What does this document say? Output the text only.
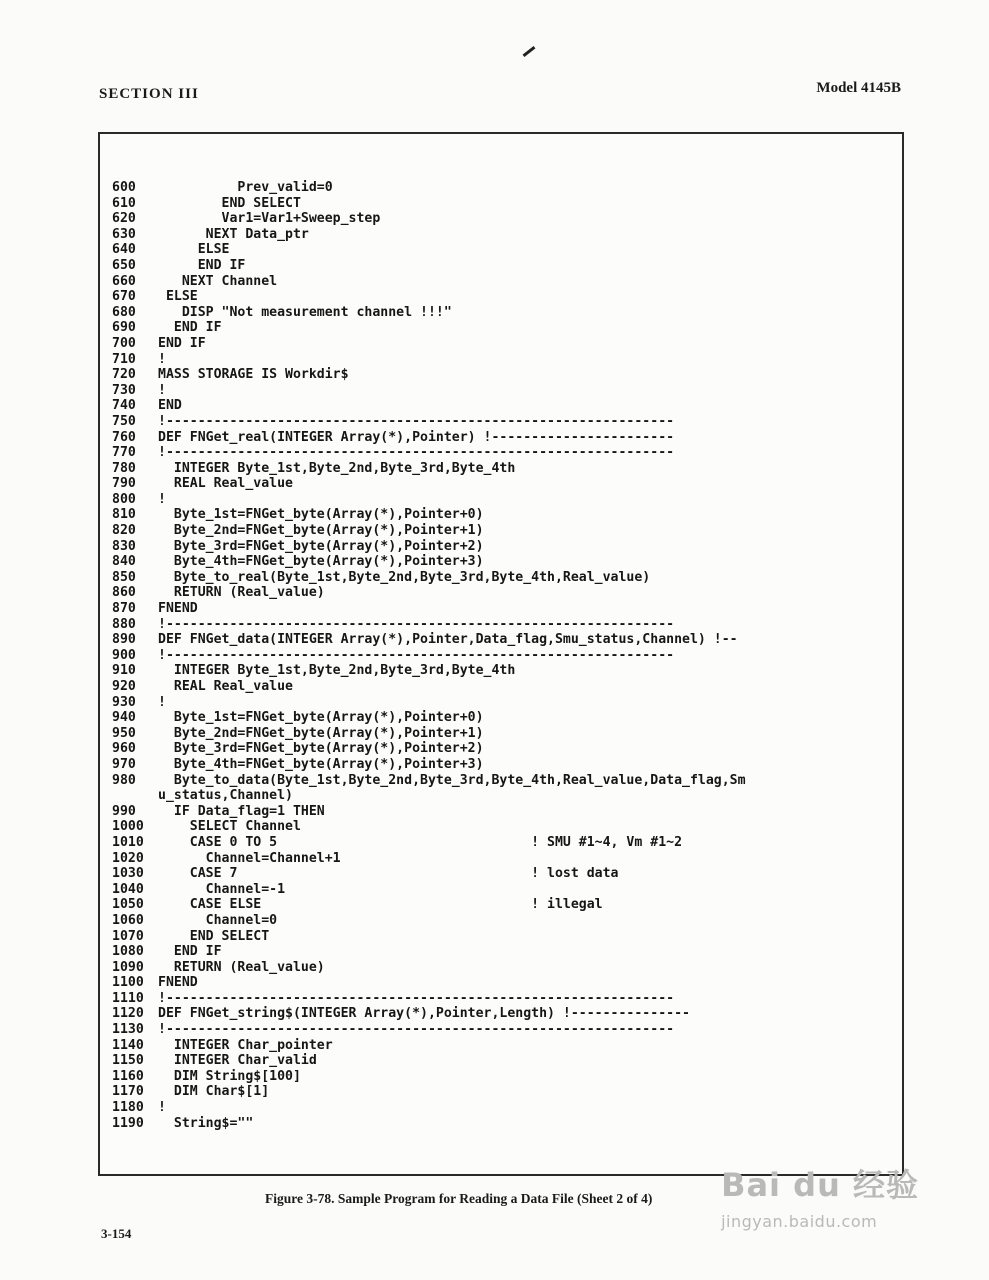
SECTION III	Model 4145B
600          Prev_valid=0
610        END SELECT
620        Var1=Var1+Sweep_step
630      NEXT Data_ptr
640     ELSE
650     END IF
660   NEXT Channel
670 ELSE
680   DISP "Not measurement channel !!!"
690  END IF
700 END IF
710 !
720 MASS STORAGE IS Workdir$
730 !
740 END
750 !----------------------------------------------------------------
760 DEF FNGet_real(INTEGER Array(*),Pointer) !-----------------------
770 !----------------------------------------------------------------
780  INTEGER Byte_1st,Byte_2nd,Byte_3rd,Byte_4th
790  REAL Real_value
800 !
810  Byte_1st=FNGet_byte(Array(*),Pointer+0)
820  Byte_2nd=FNGet_byte(Array(*),Pointer+1)
830  Byte_3rd=FNGet_byte(Array(*),Pointer+2)
840  Byte_4th=FNGet_byte(Array(*),Pointer+3)
850  Byte_to_real(Byte_1st,Byte_2nd,Byte_3rd,Byte_4th,Real_value)
860  RETURN (Real_value)
870 FNEND
880 !----------------------------------------------------------------
890 DEF FNGet_data(INTEGER Array(*),Pointer,Data_flag,Smu_status,Channel) !--
900 !----------------------------------------------------------------
910  INTEGER Byte_1st,Byte_2nd,Byte_3rd,Byte_4th
920  REAL Real_value
930 !
940  Byte_1st=FNGet_byte(Array(*),Pointer+0)
950  Byte_2nd=FNGet_byte(Array(*),Pointer+1)
960  Byte_3rd=FNGet_byte(Array(*),Pointer+2)
970  Byte_4th=FNGet_byte(Array(*),Pointer+3)
980  Byte_to_data(Byte_1st,Byte_2nd,Byte_3rd,Byte_4th,Real_value,Data_flag,Sm
u_status,Channel)
990  IF Data_flag=1 THEN
1000    SELECT Channel
1010    CASE 0 TO 5                                ! SMU #1~4, Vm #1~2
1020      Channel=Channel+1
1030    CASE 7                                     ! lost data
1040      Channel=-1
1050    CASE ELSE                                  ! illegal
1060      Channel=0
1070    END SELECT
1080  END IF
1090  RETURN (Real_value)
1100 FNEND
1110 !----------------------------------------------------------------
1120 DEF FNGet_string$(INTEGER Array(*),Pointer,Length) !---------------
1130 !----------------------------------------------------------------
1140  INTEGER Char_pointer
1150  INTEGER Char_valid
1160  DIM String$[100]
1170  DIM Char$[1]
1180 !
1190  String$=""
Figure 3-78. Sample Program for Reading a Data File (Sheet 2 of 4)
3-154
Bai du 经验
jingyan.baidu.com
